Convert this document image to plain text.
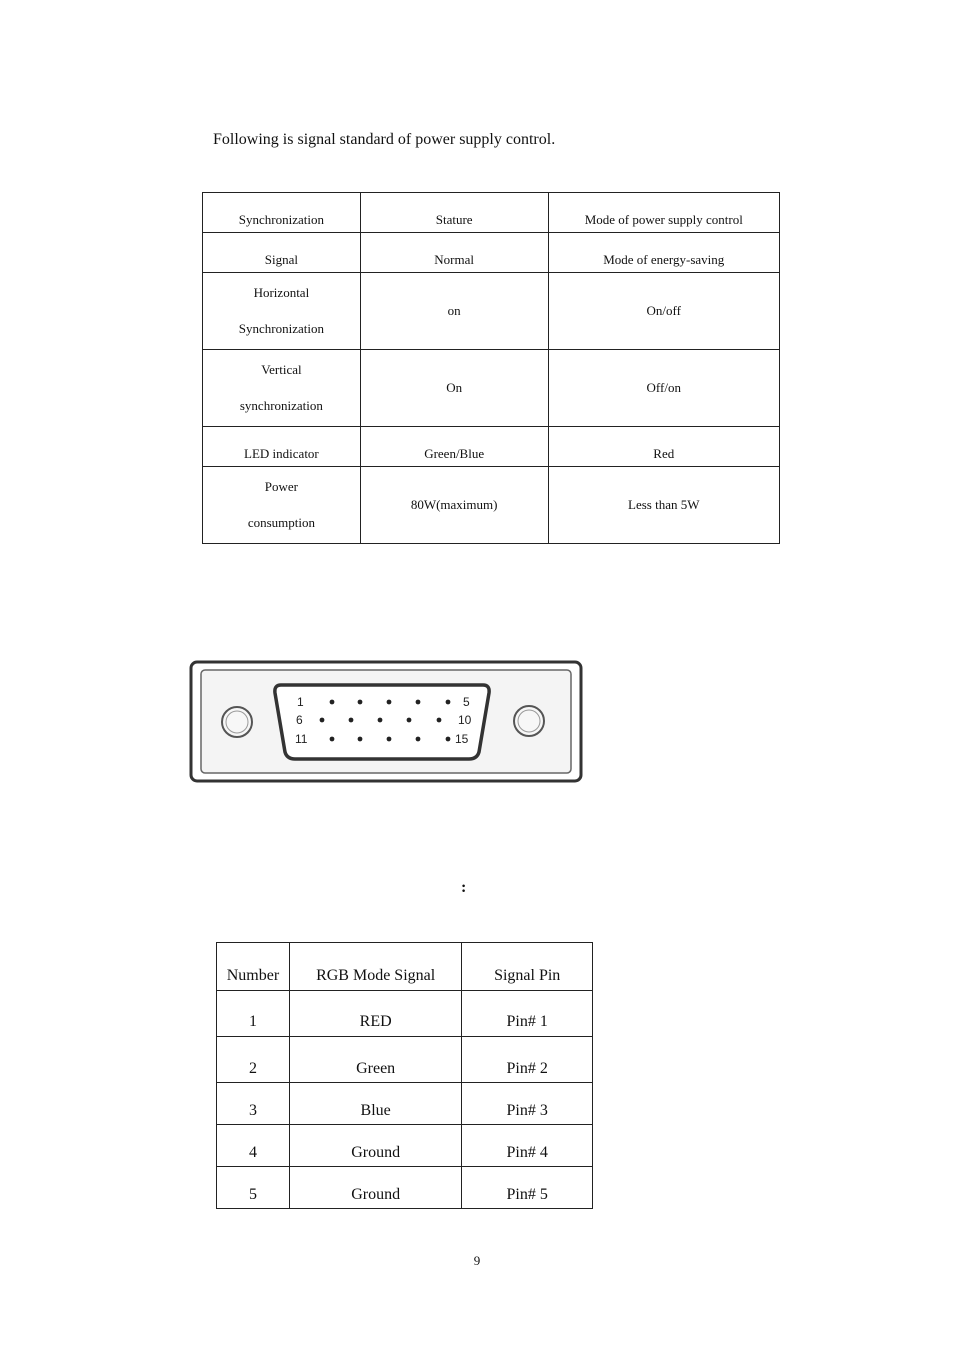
Following is signal standard of power supply control.

Synchronization	Stature	Mode of power supply control
Signal	Normal	Mode of energy-saving

Horizontal
Synchronization	on	On/off

Vertical
synchronization	On	Off/on
LED indicator	Green/Blue	Red

Power
consumption	80W(maximum)	Less than 5W
1	5
6	10
11	15

:

Number	RGB Mode Signal	Signal Pin
1	RED	Pin# 1
2	Green	Pin# 2
3	Blue	Pin# 3
4	Ground	Pin# 4
5	Ground	Pin# 5

9
